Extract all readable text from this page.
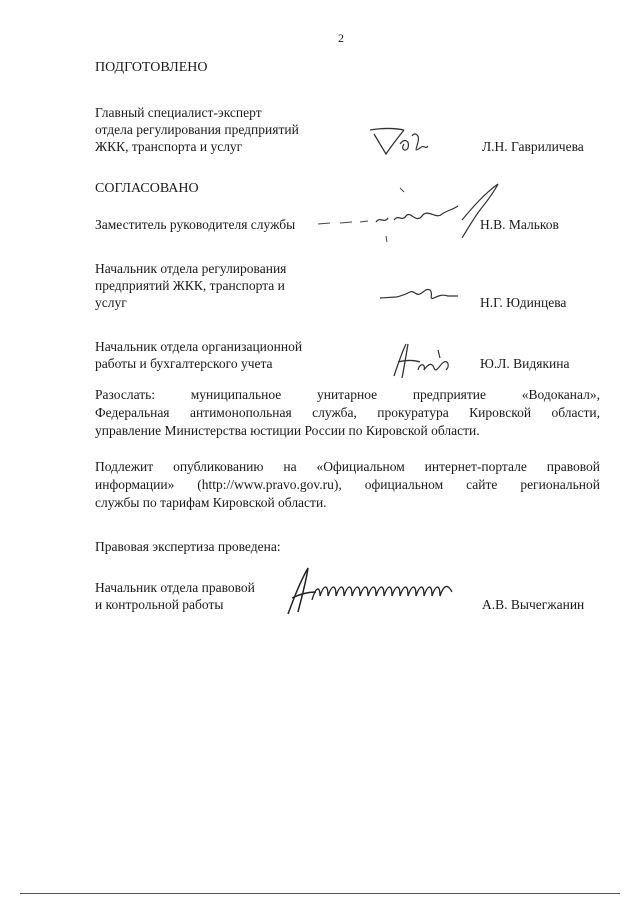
2
ПОДГОТОВЛЕНО
Главный специалист-эксперт
отдела регулирования предприятий
ЖКК, транспорта и услуг	Л.Н. Гавриличева
СОГЛАСОВАНО
Заместитель руководителя службы	Н.В. Мальков
Начальник отдела регулирования
предприятий ЖКК, транспорта и
услуг	Н.Г. Юдинцева
Начальник отдела организационной
работы и бухгалтерского учета	Ю.Л. Видякина
Разослать: муниципальное унитарное предприятие «Водоканал»,
Федеральная антимонопольная служба, прокуратура Кировской области,
управление Министерства юстиции России по Кировской области.
Подлежит опубликованию на «Официальном интернет-портале правовой
информации» (http://www.pravo.gov.ru), официальном сайте региональной
службы по тарифам Кировской области.
Правовая экспертиза проведена:
Начальник отдела правовой
и контрольной работы	А.В. Вычегжанин
